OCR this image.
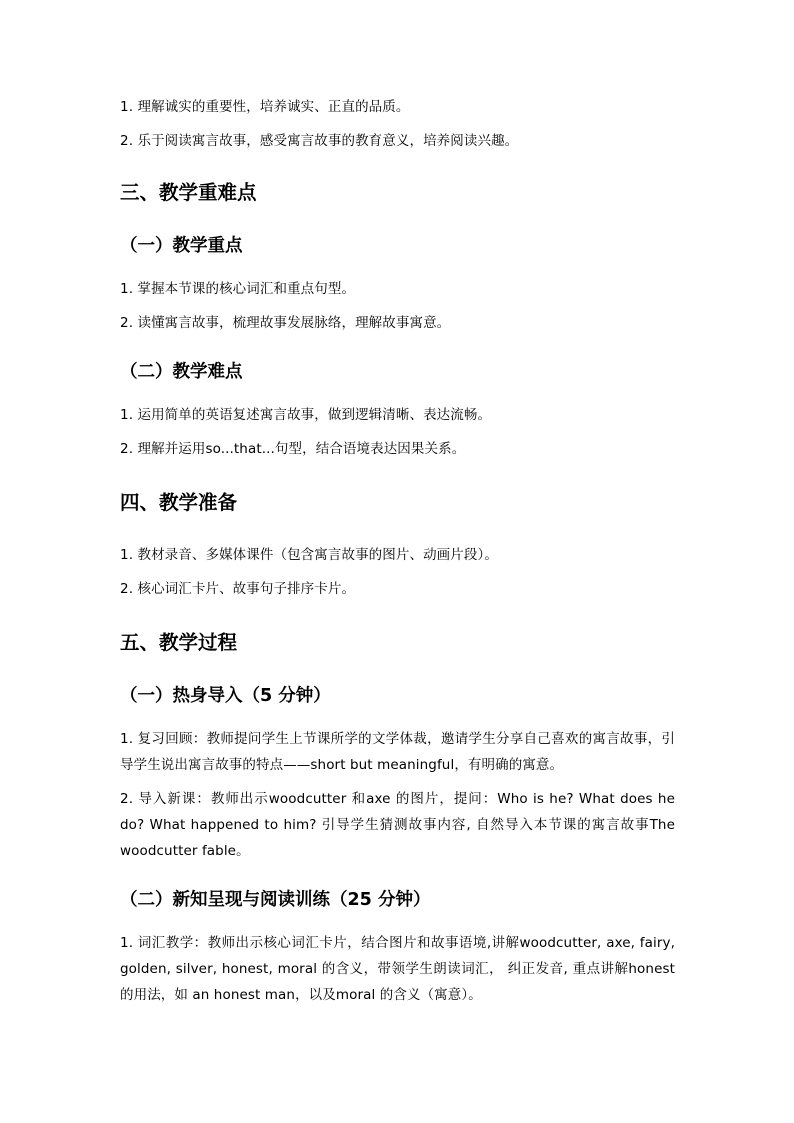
1. 理解诚实的重要性，培养诚实、正直的品质。

2. 乐于阅读寓言故事，感受寓言故事的教育意义，培养阅读兴趣。

三、教学重难点
（一）教学重点

1. 掌握本节课的核心词汇和重点句型。

2. 读懂寓言故事，梳理故事发展脉络，理解故事寓意。

（二）教学难点

1. 运用简单的英语复述寓言故事，做到逻辑清晰、表达流畅。

2. 理解并运用so...that...句型，结合语境表达因果关系。

四、教学准备

1. 教材录音、多媒体课件（包含寓言故事的图片、动画片段）。

2. 核心词汇卡片、故事句子排序卡片。

五、教学过程
（一）热身导入（5 分钟）

1. 复习回顾：教师提问学生上节课所学的文学体裁，邀请学生分享自己喜欢的寓言故事，引导学生说出寓言故事的特点——short but meaningful，有明确的寓意。

2. 导入新课：教师出示woodcutter 和axe 的图片，提问：Who is he? What does he do? What happened to him? 引导学生猜测故事内容, 自然导入本节课的寓言故事The woodcutter fable。

（二）新知呈现与阅读训练（25 分钟）

1. 词汇教学：教师出示核心词汇卡片，结合图片和故事语境,讲解woodcutter, axe, fairy, golden, silver, honest, moral 的含义，带领学生朗读词汇， 纠正发音, 重点讲解honest 的用法，如 an honest man，以及moral 的含义（寓意）。
